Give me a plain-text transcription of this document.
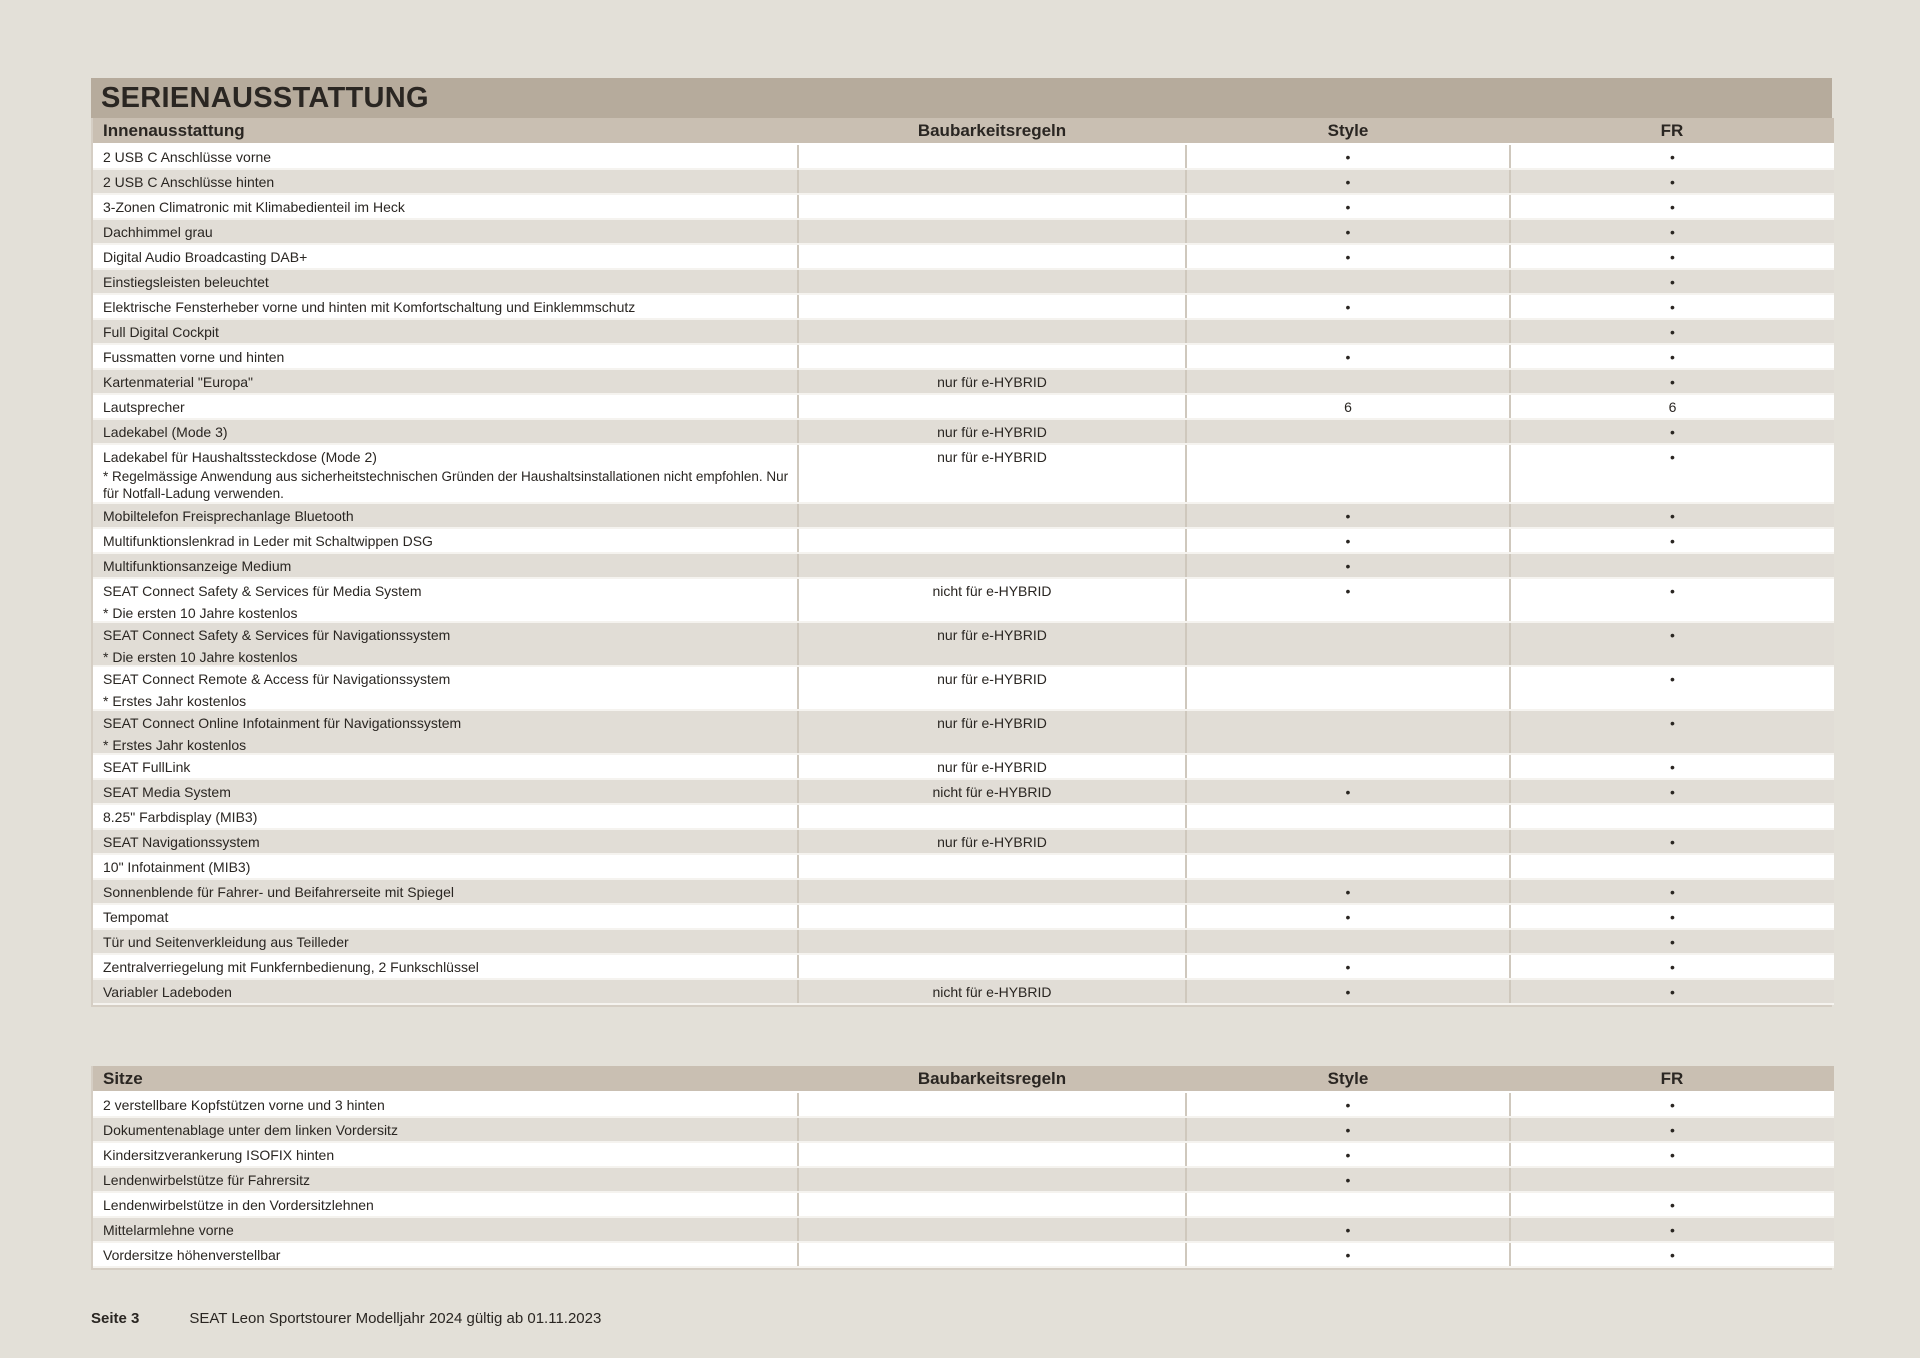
SERIENAUSSTATTUNG
Innenausstattung	Baubarkeitsregeln	Style	FR
2 USB C Anschlüsse vorne		•	•
2 USB C Anschlüsse hinten		•	•
3-Zonen Climatronic mit Klimabedienteil im Heck		•	•
Dachhimmel grau		•	•
Digital Audio Broadcasting DAB+		•	•
Einstiegsleisten beleuchtet			•
Elektrische Fensterheber vorne und hinten mit Komfortschaltung und Einklemmschutz		•	•
Full Digital Cockpit			•
Fussmatten vorne und hinten		•	•
Kartenmaterial "Europa"	nur für e-HYBRID		•
Lautsprecher		6	6
Ladekabel (Mode 3)	nur für e-HYBRID		•
Ladekabel für Haushaltssteckdose (Mode 2)
* Regelmässige Anwendung aus sicherheitstechnischen Gründen der Haushaltsinstallationen nicht empfohlen. Nur für Notfall-Ladung verwenden.	nur für e-HYBRID		•
Mobiltelefon Freisprechanlage Bluetooth		•	•
Multifunktionslenkrad in Leder mit Schaltwippen DSG		•	•
Multifunktionsanzeige Medium		•	
SEAT Connect Safety & Services für Media System
* Die ersten 10 Jahre kostenlos	nicht für e-HYBRID	•	•
SEAT Connect Safety & Services für Navigationssystem
* Die ersten 10 Jahre kostenlos	nur für e-HYBRID		•
SEAT Connect Remote & Access für Navigationssystem
* Erstes Jahr kostenlos	nur für e-HYBRID		•
SEAT Connect Online Infotainment für Navigationssystem
* Erstes Jahr kostenlos	nur für e-HYBRID		•
SEAT FullLink	nur für e-HYBRID		•
SEAT Media System	nicht für e-HYBRID	•	•
8.25" Farbdisplay (MIB3)			
SEAT Navigationssystem	nur für e-HYBRID		•
10" Infotainment (MIB3)			
Sonnenblende für Fahrer- und Beifahrerseite mit Spiegel		•	•
Tempomat		•	•
Tür und Seitenverkleidung aus Teilleder			•
Zentralverriegelung mit Funkfernbedienung, 2 Funkschlüssel		•	•
Variabler Ladeboden	nicht für e-HYBRID	•	•
Sitze	Baubarkeitsregeln	Style	FR
2 verstellbare Kopfstützen vorne und 3 hinten		•	•
Dokumentenablage unter dem linken Vordersitz		•	•
Kindersitzverankerung ISOFIX hinten		•	•
Lendenwirbelstütze für Fahrersitz		•	
Lendenwirbelstütze in den Vordersitzlehnen			•
Mittelarmlehne vorne		•	•
Vordersitze höhenverstellbar		•	•
Seite 3	SEAT Leon Sportstourer Modelljahr 2024 gültig ab 01.11.2023
